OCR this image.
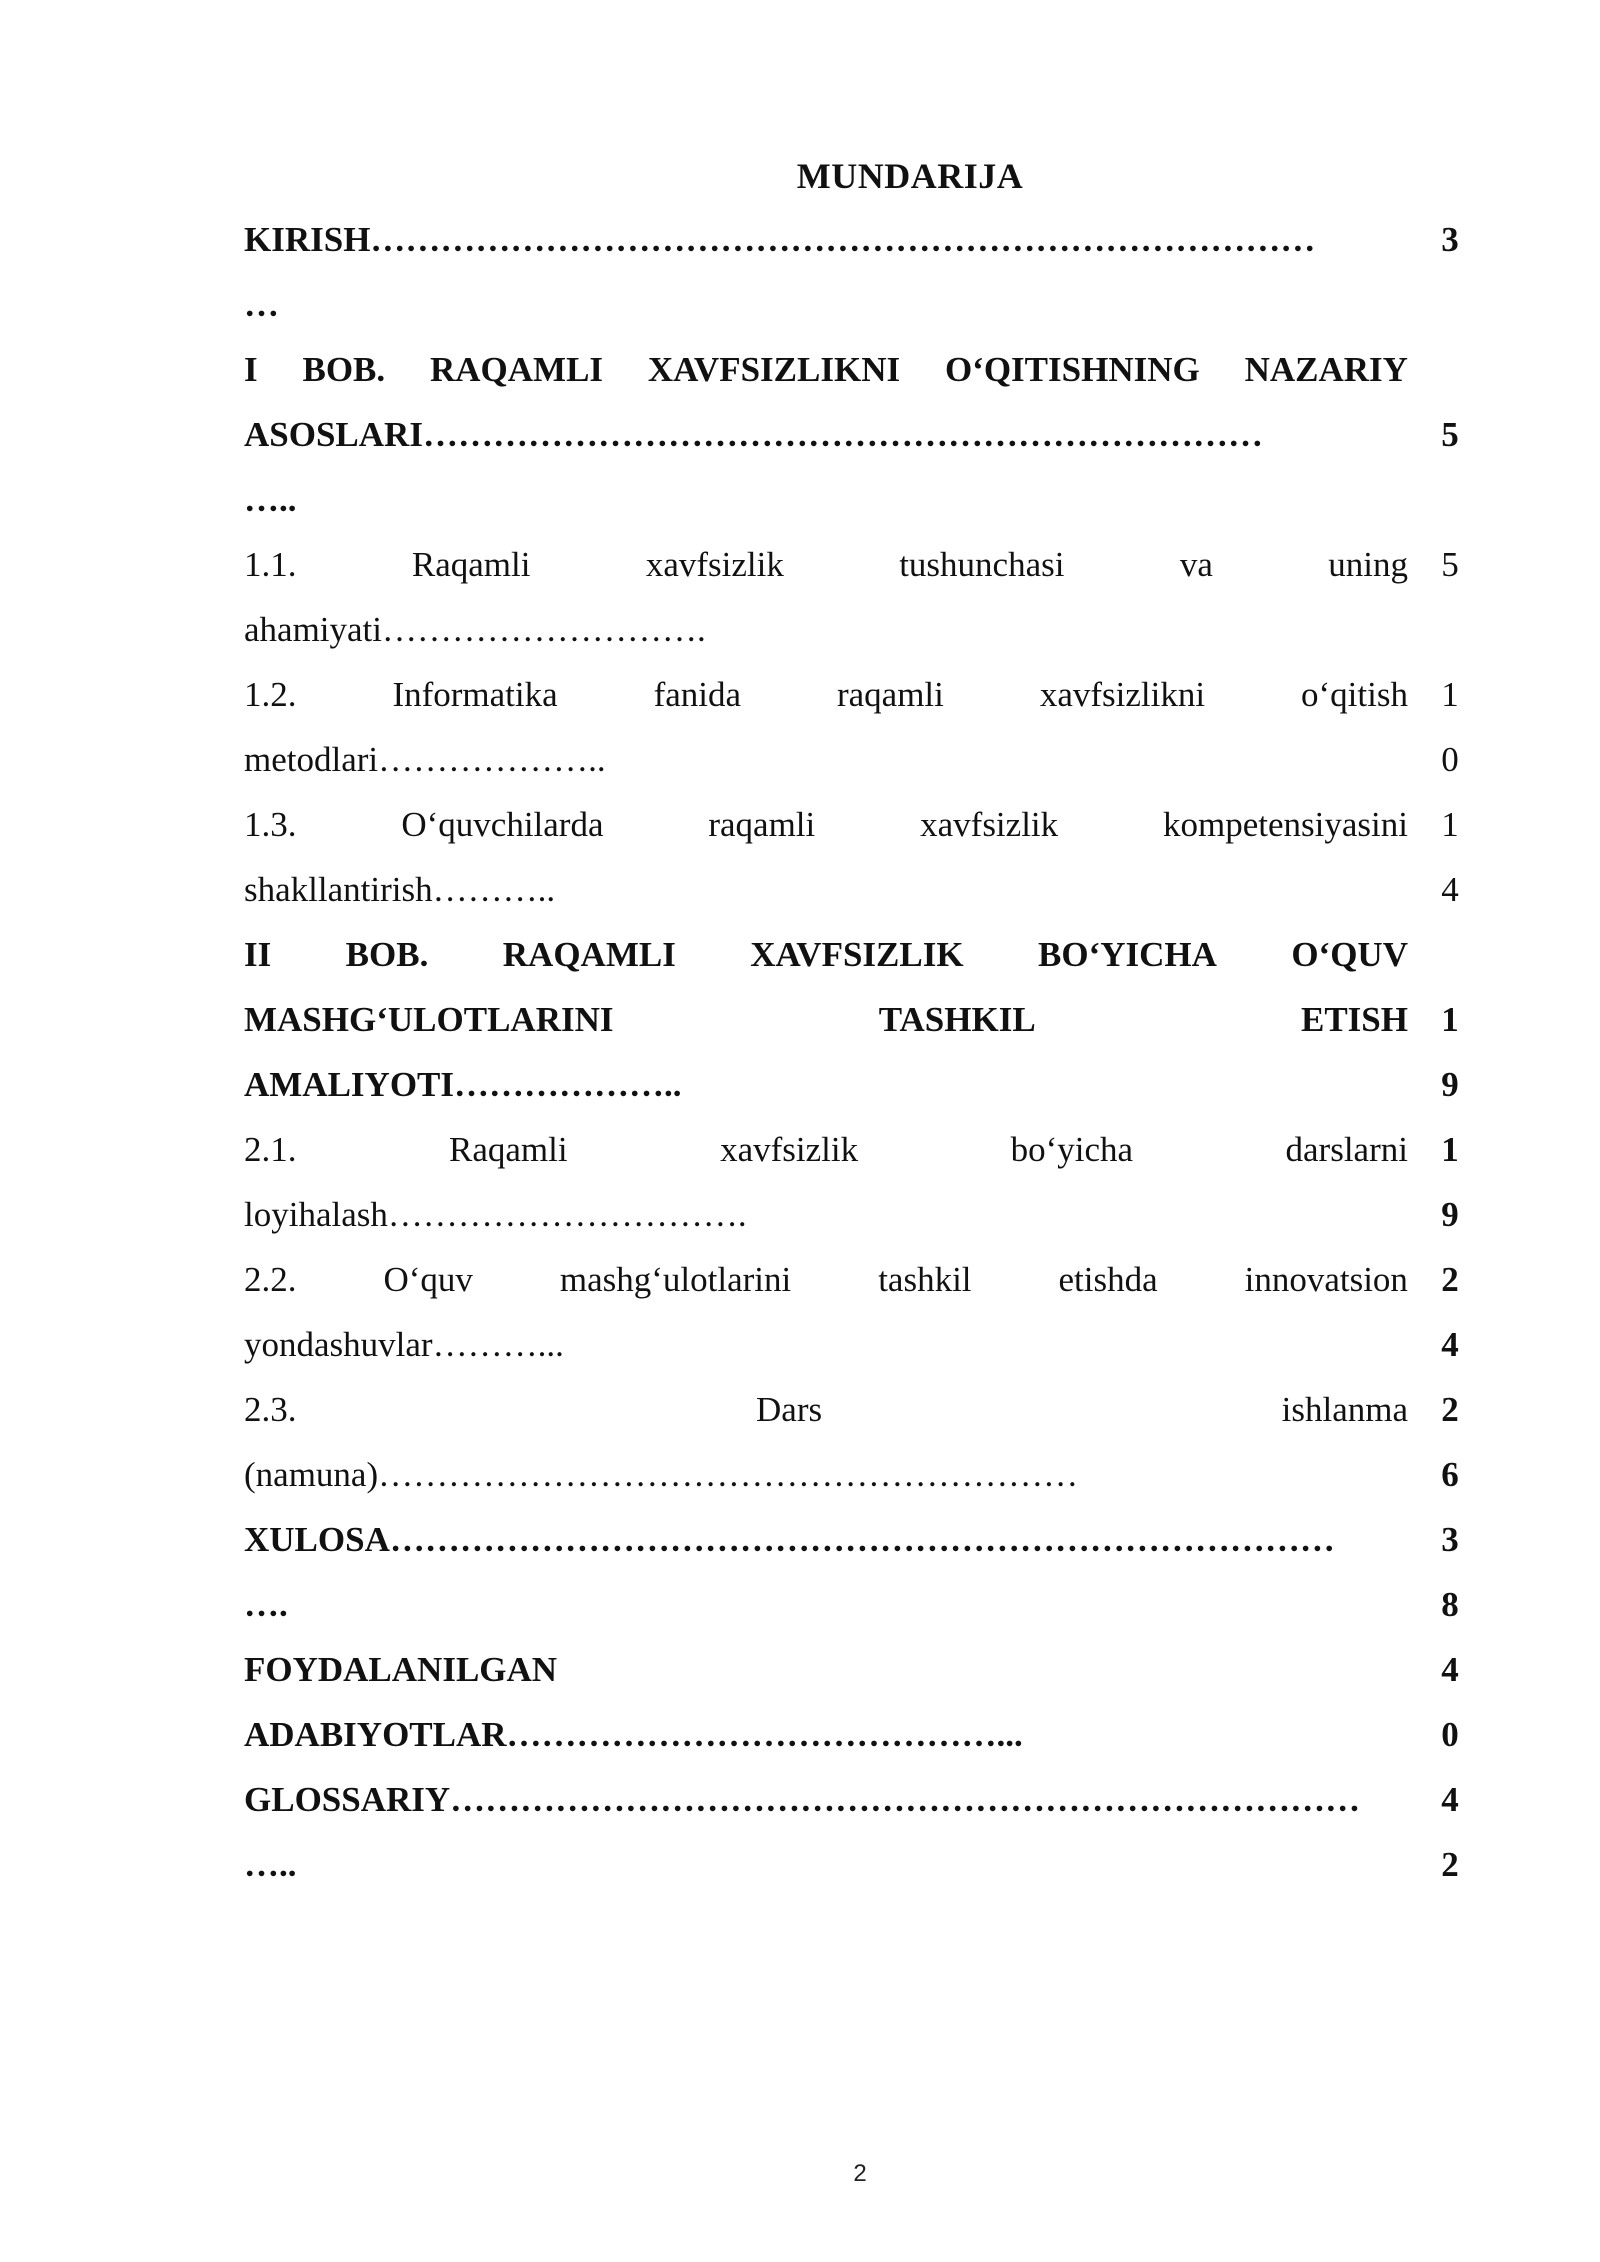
MUNDARIJA
KIRISH………………………………………………………………………	3
…
I BOB. RAQAMLI XAVFSIZLIKNI O‘QITISHNING NAZARIY
ASOSLARI………………………………………………………………	5
…..
1.1.	Raqamli	xavfsizlik	tushunchasi	va	uning 5
ahamiyati……………………….
1.2.	Informatika	fanida	raqamli	xavfsizlikni	o‘qitish 1
metodlari………………..	0
1.3.	O‘quvchilarda	raqamli	xavfsizlik	kompetensiyasini 1
shakllantirish………..	4
II BOB. RAQAMLI XAVFSIZLIK BO‘YICHA O‘QUV
MASHG‘ULOTLARINI	TASHKIL	ETISH 1
AMALIYOTI………………..	9
2.1.	Raqamli	xavfsizlik	bo‘yicha	darslarni 1
loyihalash………………………….	9
2.2. O‘quv mashg‘ulotlarini tashkil etishda innovatsion 2
yondashuvlar………...	4
2.3.	Dars	ishlanma 2
(namuna)……………………………………………………	6
XULOSA………………………………………………………………………	3
….	8
FOYDALANILGAN	4
ADABIYOTLAR……………………………………...	0
GLOSSARIY……………………………………………………………………	4
…..	2
2
